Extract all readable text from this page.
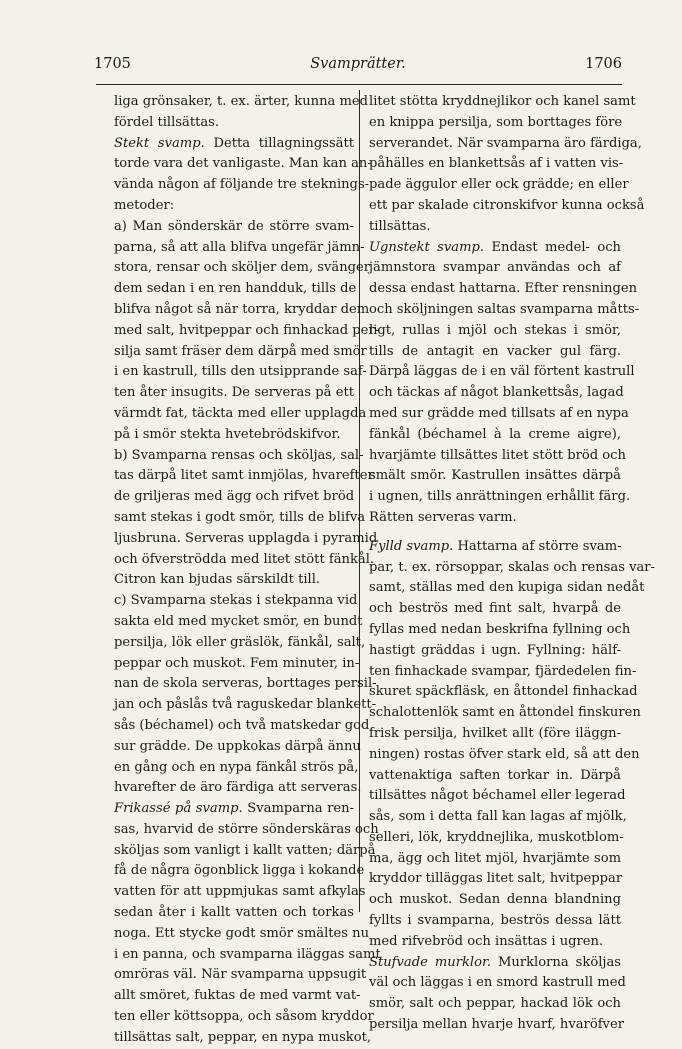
1705	Svamprätter.	1706
liga grönsaker, t. ex. ärter, kunna med
fördel tillsättas.
Stekt svamp. Detta tillagningssätt
torde vara det vanligaste. Man kan an-
vända någon af följande tre steknings-
metoder:
a) Man sönderskär de större svam-
parna, så att alla blifva ungefär jämn-
stora, rensar och sköljer dem, svänger
dem sedan i en ren handduk, tills de
blifva något så när torra, kryddar dem
med salt, hvitpeppar och finhackad per-
silja samt fräser dem därpå med smör
i en kastrull, tills den utsipprande saf-
ten åter insugits. De serveras på ett
värmdt fat, täckta med eller upplagda
på i smör stekta hvetebrödskifvor.
b) Svamparna rensas och sköljas, sal-
tas därpå litet samt inmjölas, hvarefter
de griljeras med ägg och rifvet bröd
samt stekas i godt smör, tills de blifva
ljusbruna. Serveras upplagda i pyramid
och öfverströdda med litet stött fänkål.
Citron kan bjudas särskildt till.
c) Svamparna stekas i stekpanna vid
sakta eld med mycket smör, en bundt
persilja, lök eller gräslök, fänkål, salt,
peppar och muskot. Fem minuter, in-
nan de skola serveras, borttages persil-
jan och påslås två raguskedar blankett-
sås (béchamel) och två matskedar god,
sur grädde. De uppkokas därpå ännu
en gång och en nypa fänkål strös på,
hvarefter de äro färdiga att serveras.
Frikassé på svamp. Svamparna ren-
sas, hvarvid de större sönderskäras och
sköljas som vanligt i kallt vatten; därpå
få de några ögonblick ligga i kokande
vatten för att uppmjukas samt afkylas
sedan åter i kallt vatten och torkas
noga. Ett stycke godt smör smältes nu
i en panna, och svamparna iläggas samt
omröras väl. När svamparna uppsugit
allt smöret, fuktas de med varmt vat-
ten eller köttsoppa, och såsom kryddor
tillsättas salt, peppar, en nypa muskot,
litet stötta kryddnejlikor och kanel samt
en knippa persilja, som borttages före
serverandet. När svamparna äro färdiga,
påhälles en blankettsås af i vatten vis-
pade äggulor eller ock grädde; en eller
ett par skalade citronskifvor kunna också
tillsättas.
Ugnstekt svamp. Endast medel- och
jämnstora svampar användas och af
dessa endast hattarna. Efter rensningen
och sköljningen saltas svamparna måtts-
ligt, rullas i mjöl och stekas i smör,
tills de antagit en vacker gul färg.
Därpå läggas de i en väl förtent kastrull
och täckas af något blankettsås, lagad
med sur grädde med tillsats af en nypa
fänkål (béchamel à la creme aigre),
hvarjämte tillsättes litet stött bröd och
smält smör. Kastrullen insättes därpå
i ugnen, tills anrättningen erhållit färg.
Rätten serveras varm.
Fylld svamp. Hattarna af större svam-
par, t. ex. rörsoppar, skalas och rensas var-
samt, ställas med den kupiga sidan nedåt
och beströs med fint salt, hvarpå de
fyllas med nedan beskrifna fyllning och
hastigt gräddas i ugn. Fyllning: hälf-
ten finhackade svampar, fjärdedelen fin-
skuret späckfläsk, en åttondel finhackad
schalottenlök samt en åttondel finskuren
frisk persilja, hvilket allt (före iläggn-
ningen) rostas öfver stark eld, så att den
vattenaktiga saften torkar in. Därpå
tillsättes något béchamel eller legerad
sås, som i detta fall kan lagas af mjölk,
selleri, lök, kryddnejlika, muskotblom-
ma, ägg och litet mjöl, hvarjämte som
kryddor tilläggas litet salt, hvitpeppar
och muskot. Sedan denna blandning
fyllts i svamparna, beströs dessa lätt
med rifvebröd och insättas i ugren.
Stufvade murklor. Murklorna sköljas
väl och läggas i en smord kastrull med
smör, salt och peppar, hackad lök och
persilja mellan hvarje hvarf, hvaröfver
